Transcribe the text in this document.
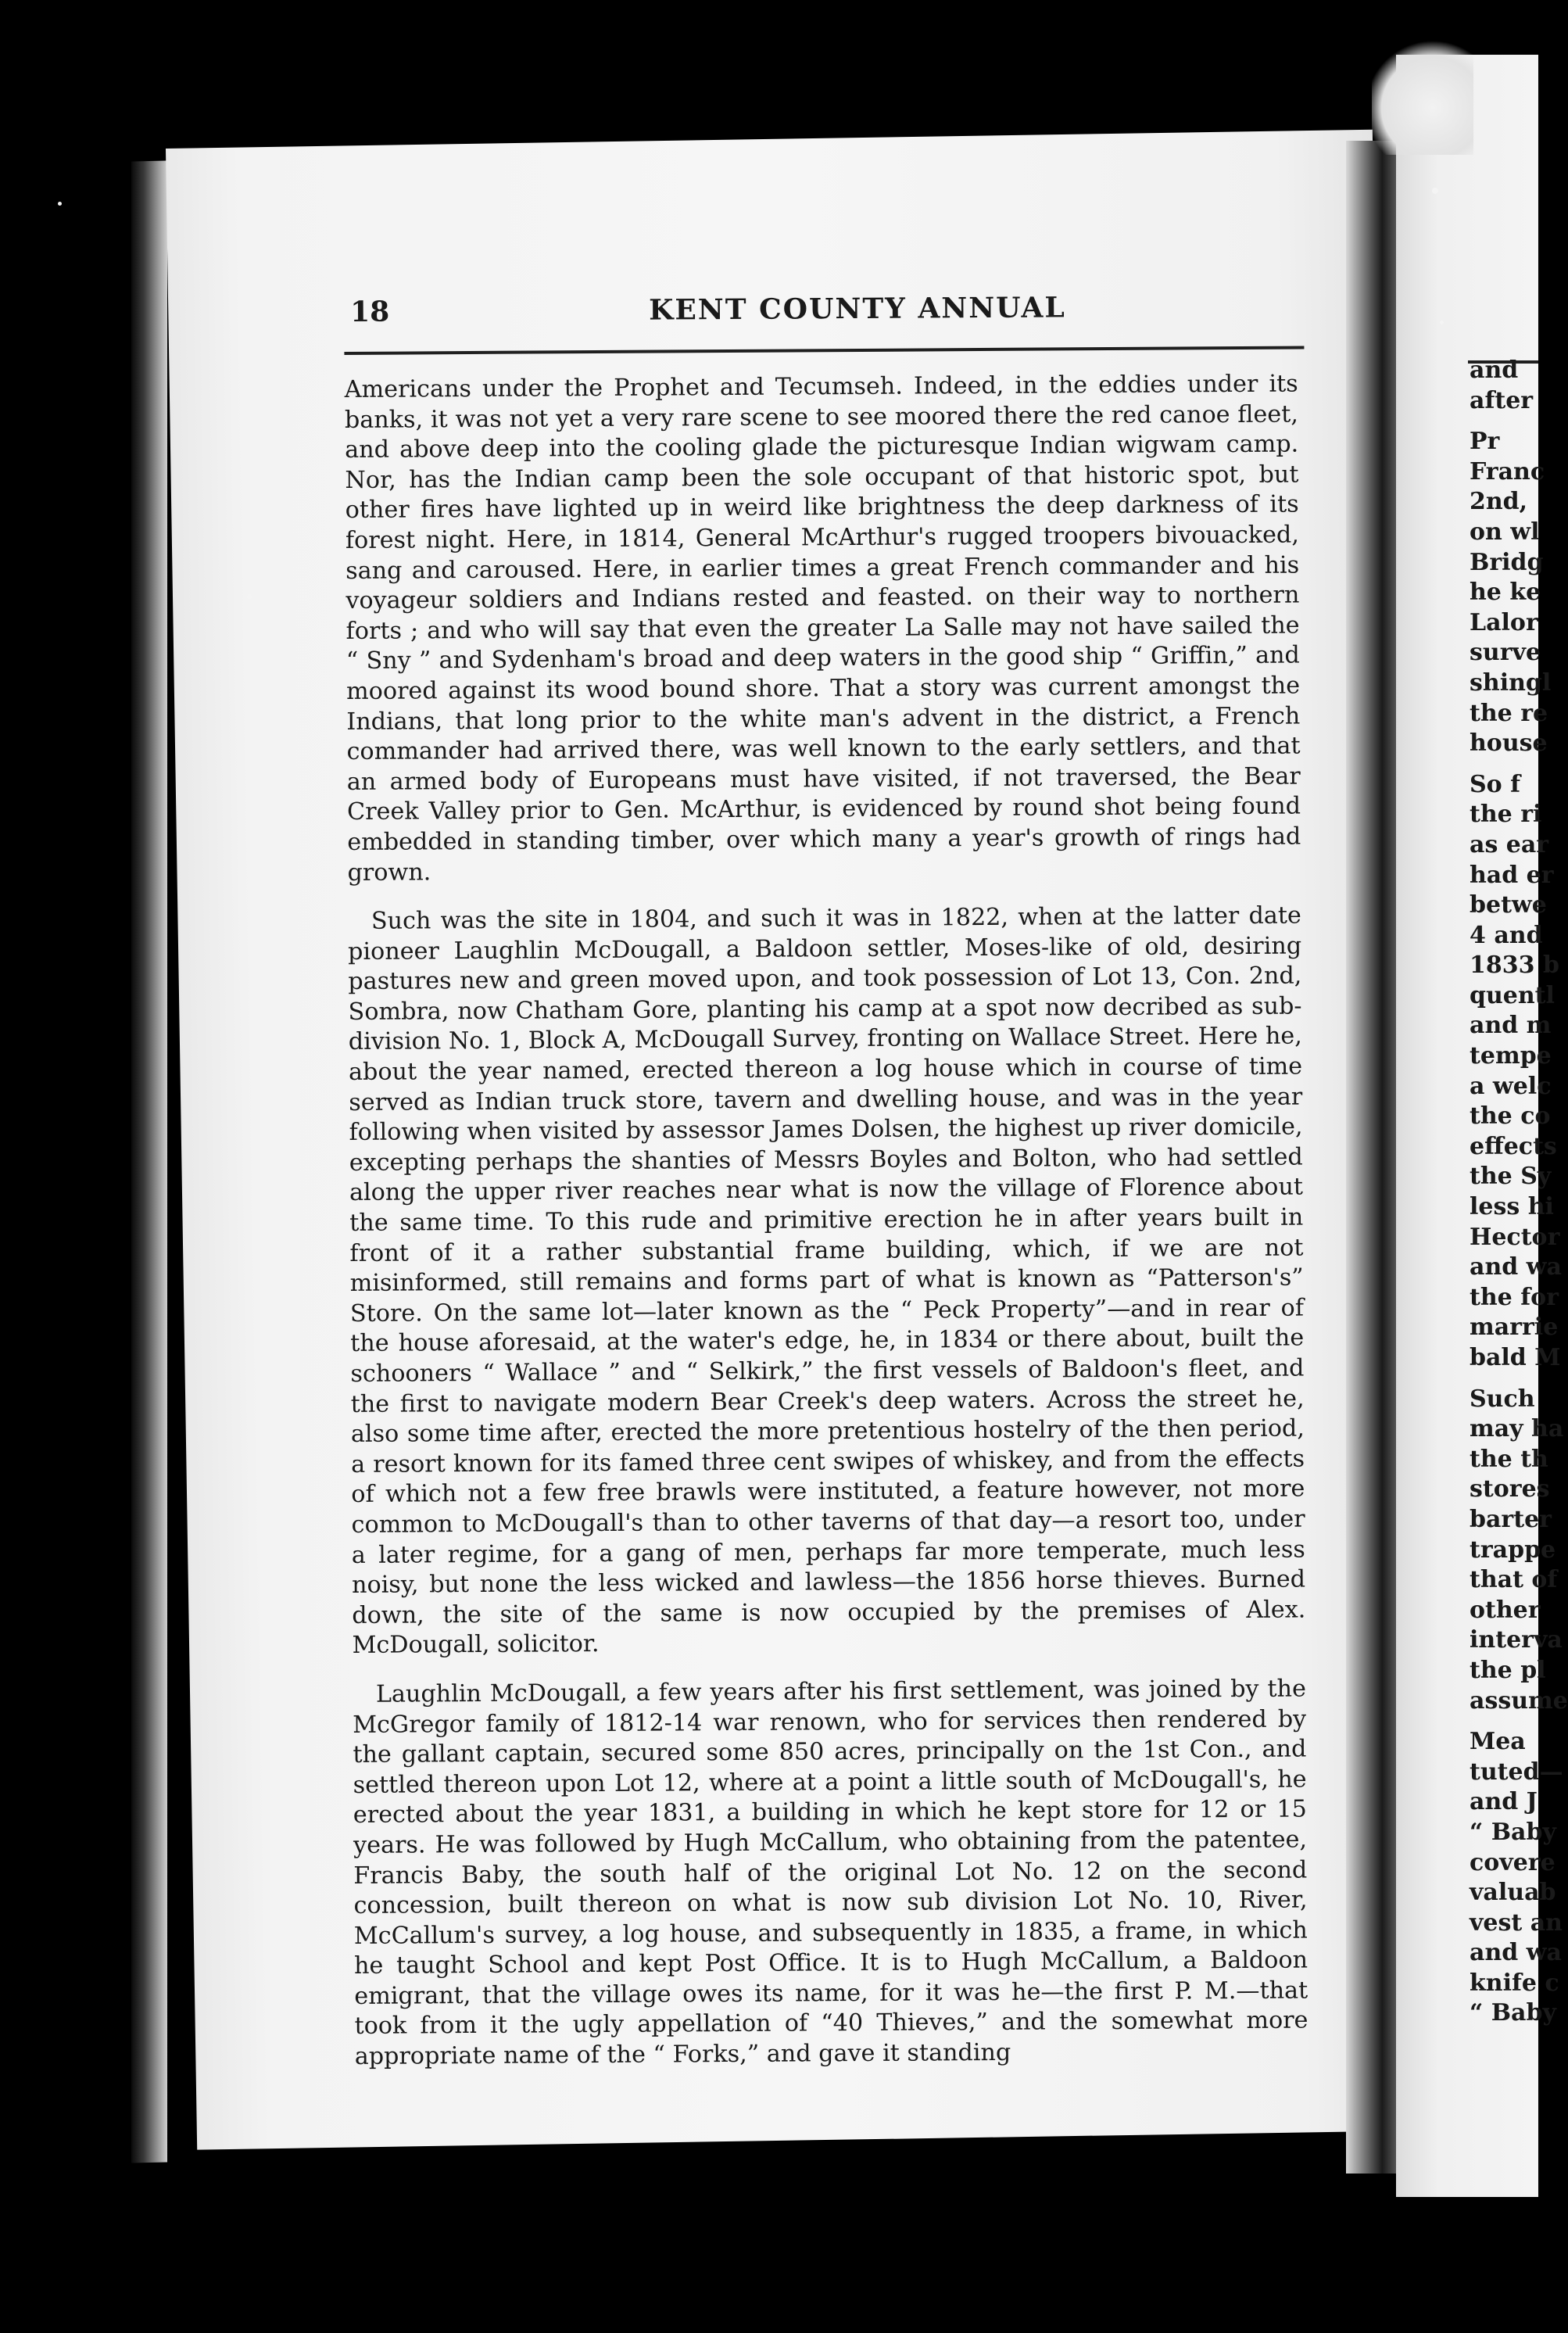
18	KENT COUNTY ANNUAL

Americans under the Prophet and Tecumseh. Indeed, in the eddies under its banks, it was not yet a very rare scene to see moored there the red canoe fleet, and above deep into the cooling glade the picturesque Indian wigwam camp. Nor, has the Indian camp been the sole occupant of that historic spot, but other fires have lighted up in weird like brightness the deep darkness of its forest night. Here, in 1814, General McArthur's rugged troopers bivouacked, sang and caroused. Here, in earlier times a great French commander and his voyageur soldiers and Indians rested and feasted. on their way to northern forts ; and who will say that even the greater La Salle may not have sailed the “ Sny ” and Sydenham's broad and deep waters in the good ship “ Griffin,” and moored against its wood bound shore. That a story was current amongst the Indians, that long prior to the white man's advent in the district, a French commander had arrived there, was well known to the early settlers, and that an armed body of Europeans must have visited, if not traversed, the Bear Creek Valley prior to Gen. McArthur, is evidenced by round shot being found embedded in standing timber, over which many a year's growth of rings had grown.

Such was the site in 1804, and such it was in 1822, when at the latter date pioneer Laughlin McDougall, a Baldoon settler, Moses-like of old, desiring pastures new and green moved upon, and took possession of Lot 13, Con. 2nd, Sombra, now Chatham Gore, planting his camp at a spot now decribed as sub-division No. 1, Block A, McDougall Survey, fronting on Wallace Street. Here he, about the year named, erected thereon a log house which in course of time served as Indian truck store, tavern and dwelling house, and was in the year following when visited by assessor James Dolsen, the highest up river domicile, excepting perhaps the shanties of Messrs Boyles and Bolton, who had settled along the upper river reaches near what is now the village of Florence about the same time. To this rude and primitive erection he in after years built in front of it a rather substantial frame building, which, if we are not misinformed, still remains and forms part of what is known as “Patterson's” Store. On the same lot—later known as the “ Peck Property”—and in rear of the house aforesaid, at the water's edge, he, in 1834 or there about, built the schooners “ Wallace ” and “ Selkirk,” the first vessels of Baldoon's fleet, and the first to navigate modern Bear Creek's deep waters. Across the street he, also some time after, erected the more pretentious hostelry of the then period, a resort known for its famed three cent swipes of whiskey, and from the effects of which not a few free brawls were instituted, a feature however, not more common to McDougall's than to other taverns of that day—a resort too, under a later regime, for a gang of men, perhaps far more temperate, much less noisy, but none the less wicked and lawless—the 1856 horse thieves. Burned down, the site of the same is now occupied by the premises of Alex. McDougall, solicitor.

Laughlin McDougall, a few years after his first settlement, was joined by the McGregor family of 1812-14 war renown, who for services then rendered by the gallant captain, secured some 850 acres, principally on the 1st Con., and settled thereon upon Lot 12, where at a point a little south of McDougall's, he erected about the year 1831, a building in which he kept store for 12 or 15 years. He was followed by Hugh McCallum, who obtaining from the patentee, Francis Baby, the south half of the original Lot No. 12 on the second concession, built thereon on what is now sub division Lot No. 10, River, McCallum's survey, a log house, and subsequently in 1835, a frame, in which he taught School and kept Post Office. It is to Hugh McCallum, a Baldoon emigrant, that the village owes its name, for it was he—the first P. M.—that took from it the ugly appellation of “40 Thieves,” and the somewhat more appropriate name of the “ Forks,” and gave it standing

and
after
Pr
Franc
2nd,
on wl
Bridg
he ke
Lalor
surve
shingl
the re
house
So f
the ri
as ear
had er
betwe
4 and
1833 b
quentl
and m
tempe
a welc
the co
effects
the Sy
less hi
Hector
and wa
the for
marrie
bald M
Such
may ha
the th
stores
barter
trappe
that of
other
interva
the pl
assume
Mea
tuted—
and J
“ Baby
covere
valuab
vest an
and wa
knife c
“ Baby
